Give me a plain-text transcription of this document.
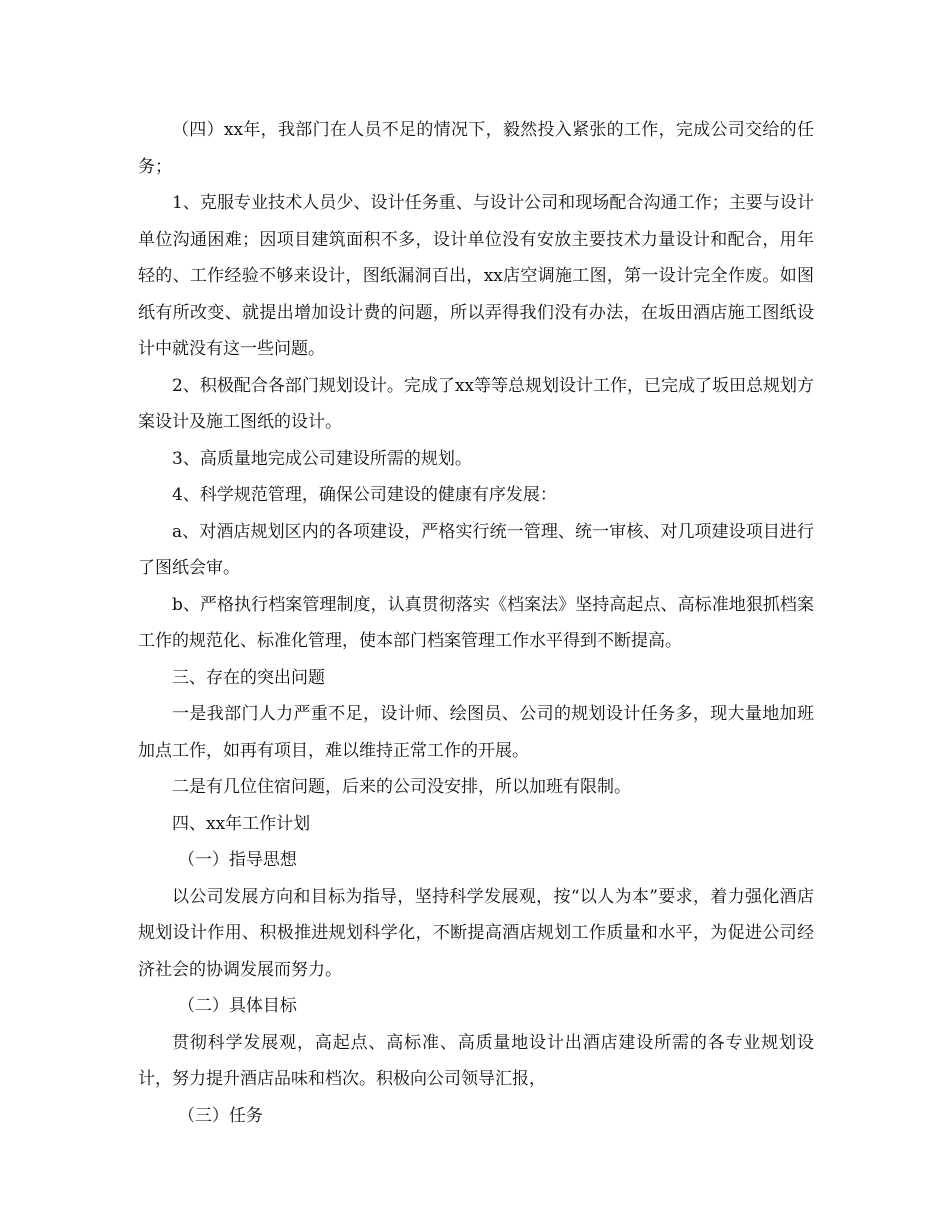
（四）xx年，我部门在人员不足的情况下，毅然投入紧张的工作，完成公司交给的任务；

1、克服专业技术人员少、设计任务重、与设计公司和现场配合沟通工作；主要与设计单位沟通困难；因项目建筑面积不多，设计单位没有安放主要技术力量设计和配合，用年轻的、工作经验不够来设计，图纸漏洞百出，xx店空调施工图，第一设计完全作废。如图纸有所改变、就提出增加设计费的问题，所以弄得我们没有办法，在坂田酒店施工图纸设计中就没有这一些问题。

2、积极配合各部门规划设计。完成了xx等等总规划设计工作，已完成了坂田总规划方案设计及施工图纸的设计。

3、高质量地完成公司建设所需的规划。

4、科学规范管理，确保公司建设的健康有序发展：

a、对酒店规划区内的各项建设，严格实行统一管理、统一审核、对几项建设项目进行了图纸会审。

b、严格执行档案管理制度，认真贯彻落实《档案法》坚持高起点、高标准地狠抓档案工作的规范化、标准化管理，使本部门档案管理工作水平得到不断提高。

三、存在的突出问题

一是我部门人力严重不足，设计师、绘图员、公司的规划设计任务多，现大量地加班加点工作，如再有项目，难以维持正常工作的开展。

二是有几位住宿问题，后来的公司没安排，所以加班有限制。

四、xx年工作计划

（一）指导思想

以公司发展方向和目标为指导，坚持科学发展观，按“以人为本”要求，着力强化酒店规划设计作用、积极推进规划科学化，不断提高酒店规划工作质量和水平，为促进公司经济社会的协调发展而努力。

（二）具体目标

贯彻科学发展观，高起点、高标准、高质量地设计出酒店建设所需的各专业规划设计，努力提升酒店品味和档次。积极向公司领导汇报，

（三）任务
